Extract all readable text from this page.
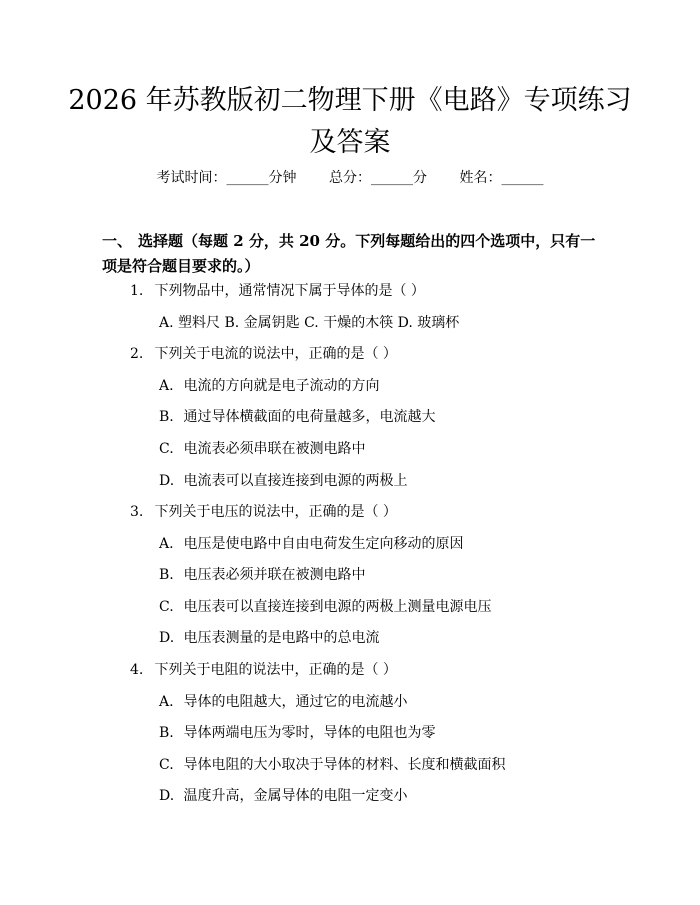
2026 年苏教版初二物理下册《电路》专项练习及答案
考试时间：______分钟 总分：______分 姓名：______
一、 选择题（每题 2 分，共 20 分。下列每题给出的四个选项中，只有一项是符合题目要求的。）
1. 下列物品中，通常情况下属于导体的是（ ）
A. 塑料尺 B. 金属钥匙 C. 干燥的木筷 D. 玻璃杯
2. 下列关于电流的说法中，正确的是（ ）
A. 电流的方向就是电子流动的方向
B. 通过导体横截面的电荷量越多，电流越大
C. 电流表必须串联在被测电路中
D. 电流表可以直接连接到电源的两极上
3. 下列关于电压的说法中，正确的是（ ）
A. 电压是使电路中自由电荷发生定向移动的原因
B. 电压表必须并联在被测电路中
C. 电压表可以直接连接到电源的两极上测量电源电压
D. 电压表测量的是电路中的总电流
4. 下列关于电阻的说法中，正确的是（ ）
A. 导体的电阻越大，通过它的电流越小
B. 导体两端电压为零时，导体的电阻也为零
C. 导体电阻的大小取决于导体的材料、长度和横截面积
D. 温度升高，金属导体的电阻一定变小
